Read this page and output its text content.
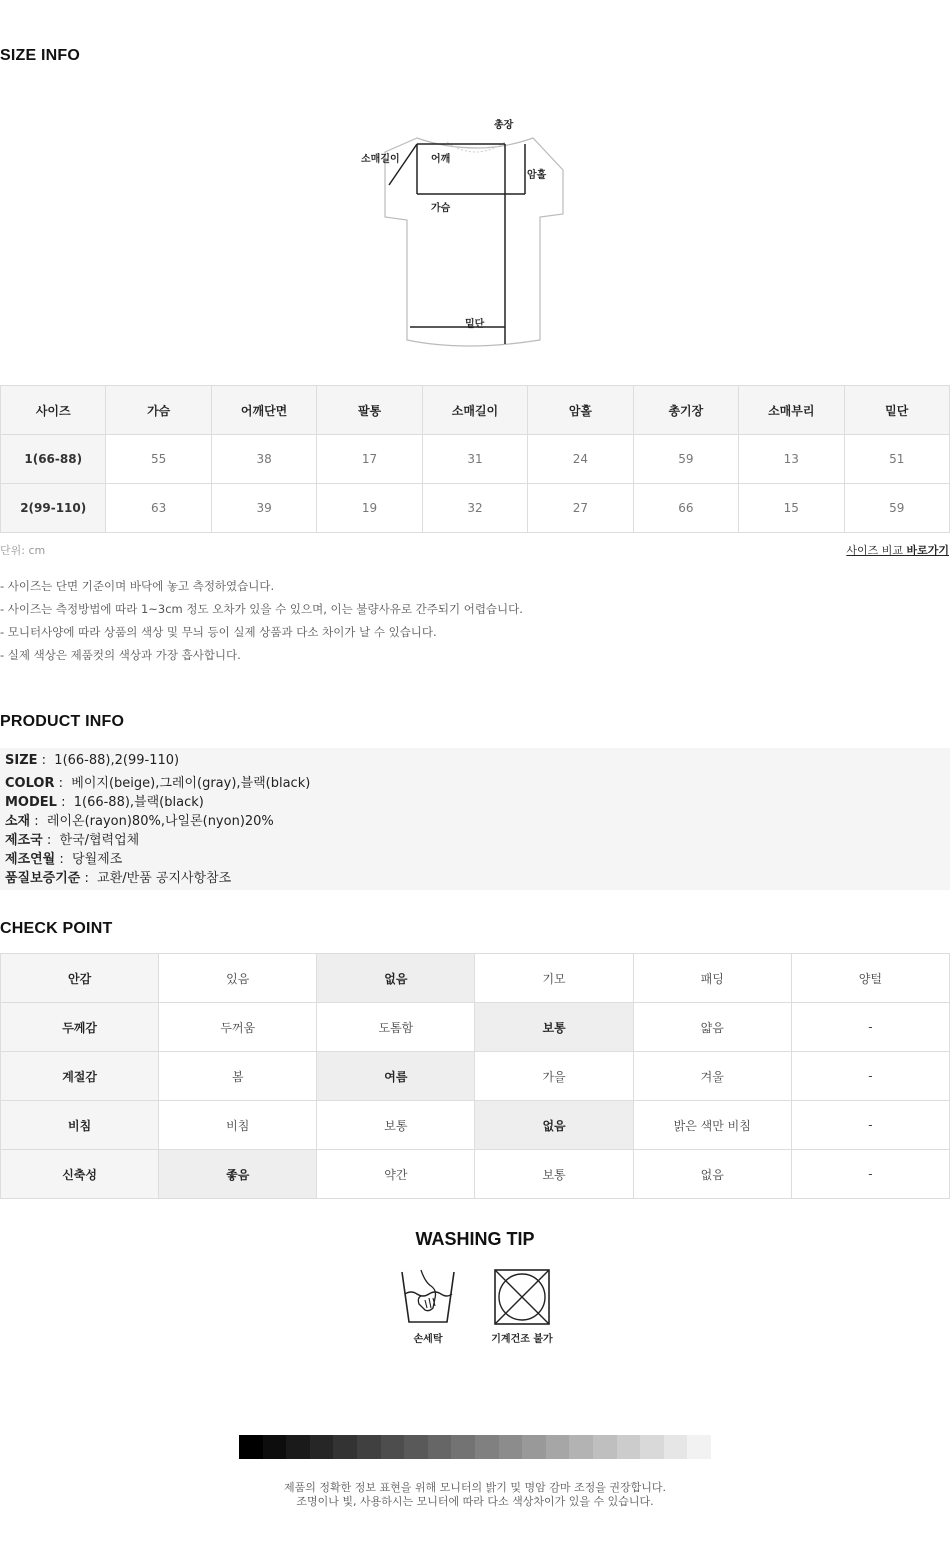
SIZE INFO
총장
소매길이	어깨
암홀
가슴
밑단
사이즈	가슴	어깨단면	팔통	소매길이	암홀	총기장	소매부리	밑단
1(66-88)	55	38	17	31	24	59	13	51
2(99-110)	63	39	19	32	27	66	15	59
단위: cm	사이즈 비교 바로가기
- 사이즈는 단면 기준이며 바닥에 놓고 측정하였습니다.
- 사이즈는 측정방법에 따라 1~3cm 정도 오차가 있을 수 있으며, 이는 불량사유로 간주되기 어렵습니다.
- 모니터사양에 따라 상품의 색상 및 무늬 등이 실제 상품과 다소 차이가 날 수 있습니다.
- 실제 색상은 제품컷의 색상과 가장 흡사합니다.
PRODUCT INFO
SIZE :  1(66-88),2(99-110)
COLOR :  베이지(beige),그레이(gray),블랙(black)
MODEL :  1(66-88),블랙(black)
소재 :  레이온(rayon)80%,나일론(nyon)20%
제조국 :  한국/협력업체
제조연월 :  당월제조
품질보증기준 :  교환/반품 공지사항참조
CHECK POINT
안감	있음	없음	기모	패딩	양털
두께감	두꺼움	도톰함	보통	얇음	-
계절감	봄	여름	가을	겨울	-
비침	비침	보통	없음	밝은 색만 비침	-
신축성	좋음	약간	보통	없음	-
WASHING TIP
손세탁	기계건조 불가
제품의 정확한 정보 표현을 위해 모니터의 밝기 및 명암 감마 조정을 권장합니다.
조명이나 빛, 사용하시는 모니터에 따라 다소 색상차이가 있을 수 있습니다.
